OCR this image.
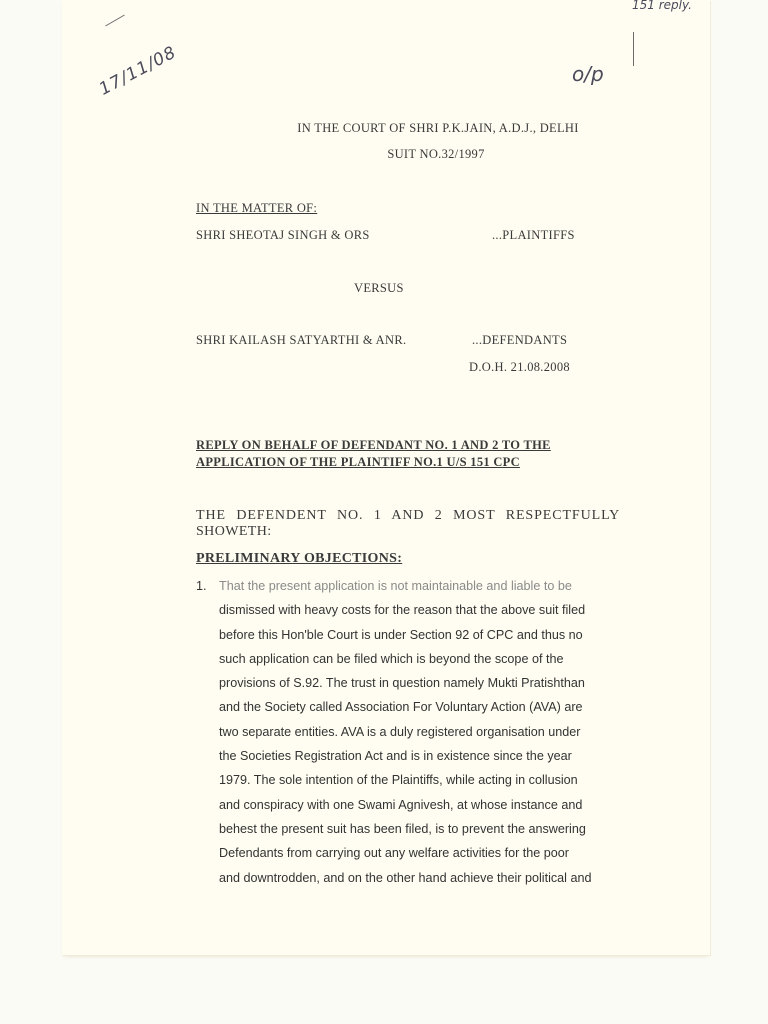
17/11/08	o/p
151 reply.
IN THE COURT OF SHRI P.K.JAIN, A.D.J., DELHI
SUIT NO.32/1997
IN THE MATTER OF:
SHRI SHEOTAJ SINGH & ORS	...PLAINTIFFS
VERSUS
SHRI KAILASH SATYARTHI & ANR.	...DEFENDANTS
D.O.H. 21.08.2008
REPLY ON BEHALF OF DEFENDANT NO. 1 AND 2 TO THE
APPLICATION OF THE PLAINTIFF NO.1 U/S 151 CPC
THE DEFENDENT NO. 1 AND 2 MOST RESPECTFULLY
SHOWETH:
PRELIMINARY OBJECTIONS:
1. That the present application is not maintainable and liable to be
dismissed with heavy costs for the reason that the above suit filed
before this Hon'ble Court is under Section 92 of CPC and thus no
such application can be filed which is beyond the scope of the
provisions of S.92. The trust in question namely Mukti Pratishthan
and the Society called Association For Voluntary Action (AVA) are
two separate entities. AVA is a duly registered organisation under
the Societies Registration Act and is in existence since the year
1979. The sole intention of the Plaintiffs, while acting in collusion
and conspiracy with one Swami Agnivesh, at whose instance and
behest the present suit has been filed, is to prevent the answering
Defendants from carrying out any welfare activities for the poor
and downtrodden, and on the other hand achieve their political and
